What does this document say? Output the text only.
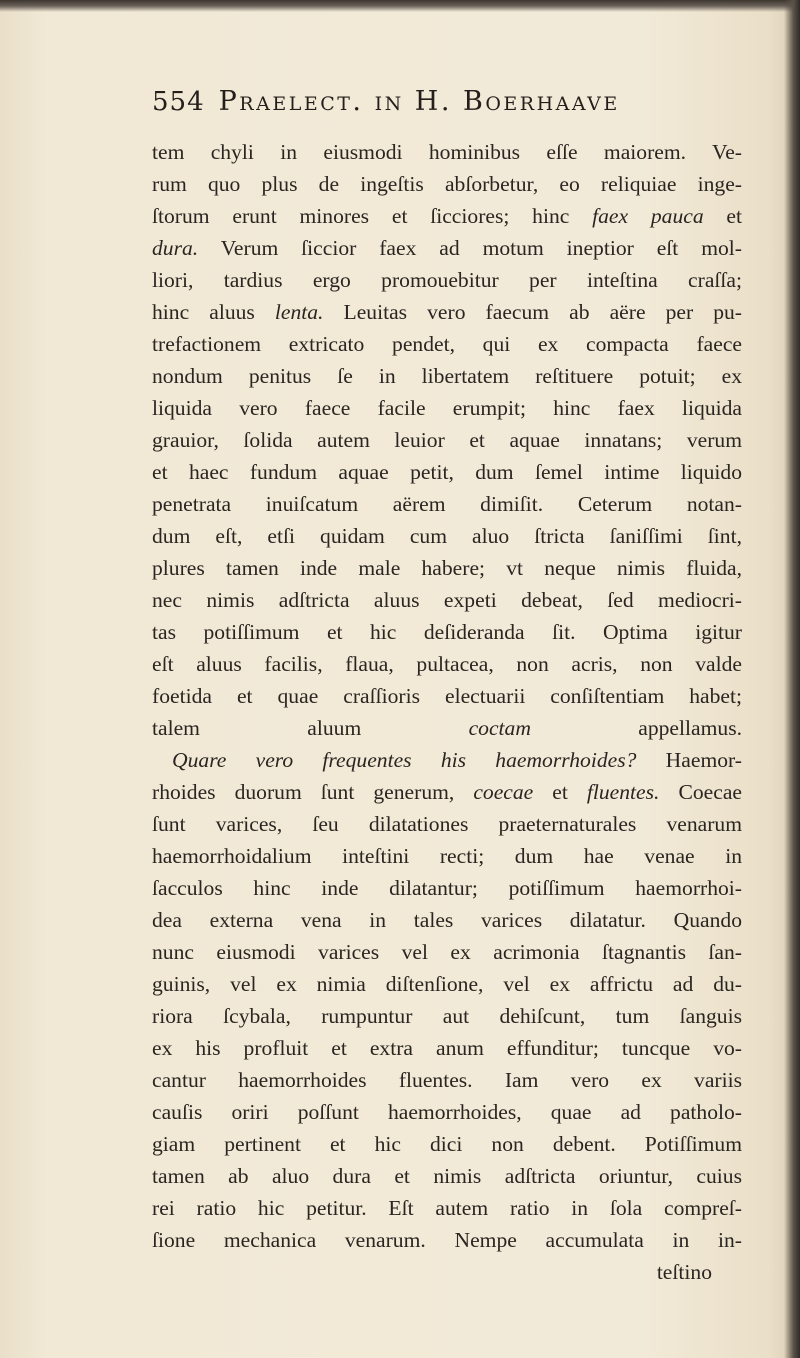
554 Praelect. in H. Boerhaave
tem chyli in eiusmodi hominibus eſſe maiorem. Ve-
rum quo plus de ingeſtis abſorbetur, eo reliquiae inge-
ſtorum erunt minores et ſicciores; hinc faex pauca et
dura. Verum ſiccior faex ad motum ineptior eſt mol-
liori, tardius ergo promouebitur per inteſtina craſſa;
hinc aluus lenta. Leuitas vero faecum ab aëre per pu-
trefactionem extricato pendet, qui ex compacta faece
nondum penitus ſe in libertatem reſtituere potuit; ex
liquida vero faece facile erumpit; hinc faex liquida
grauior, ſolida autem leuior et aquae innatans; verum
et haec fundum aquae petit, dum ſemel intime liquido
penetrata inuiſcatum aërem dimiſit. Ceterum notan-
dum eſt, etſi quidam cum aluo ſtricta ſaniſſimi ſint,
plures tamen inde male habere; vt neque nimis fluida,
nec nimis adſtricta aluus expeti debeat, ſed mediocri-
tas potiſſimum et hic deſideranda ſit. Optima igitur
eſt aluus facilis, flaua, pultacea, non acris, non valde
foetida et quae craſſioris electuarii conſiſtentiam habet;
talem aluum coctam appellamus.
Quare vero frequentes his haemorrhoides? Haemor-
rhoides duorum ſunt generum, coecae et fluentes. Coecae
ſunt varices, ſeu dilatationes praeternaturales venarum
haemorrhoidalium inteſtini recti; dum hae venae in
ſacculos hinc inde dilatantur; potiſſimum haemorrhoi-
dea externa vena in tales varices dilatatur. Quando
nunc eiusmodi varices vel ex acrimonia ſtagnantis ſan-
guinis, vel ex nimia diſtenſione, vel ex affrictu ad du-
riora ſcybala, rumpuntur aut dehiſcunt, tum ſanguis
ex his profluit et extra anum effunditur; tuncque vo-
cantur haemorrhoides fluentes. Iam vero ex variis
cauſis oriri poſſunt haemorrhoides, quae ad patholo-
giam pertinent et hic dici non debent. Potiſſimum
tamen ab aluo dura et nimis adſtricta oriuntur, cuius
rei ratio hic petitur. Eſt autem ratio in ſola compreſ-
ſione mechanica venarum. Nempe accumulata in in-
teſtino
